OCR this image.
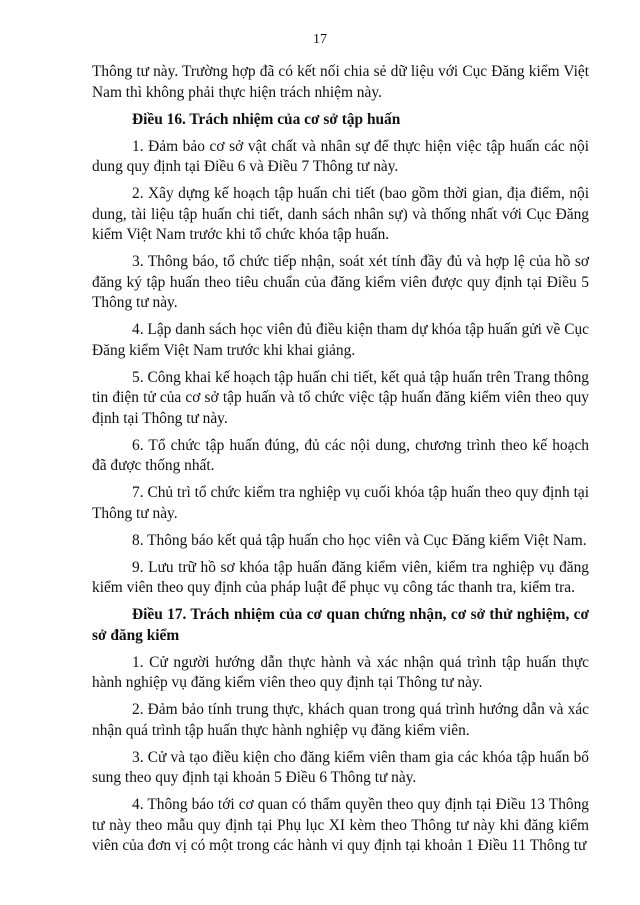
17

Thông tư này. Trường hợp đã có kết nối chia sẻ dữ liệu với Cục Đăng kiểm Việt Nam thì không phải thực hiện trách nhiệm này.

Điều 16. Trách nhiệm của cơ sở tập huấn

1. Đảm bảo cơ sở vật chất và nhân sự để thực hiện việc tập huấn các nội dung quy định tại Điều 6 và Điều 7 Thông tư này.

2. Xây dựng kế hoạch tập huấn chi tiết (bao gồm thời gian, địa điểm, nội dung, tài liệu tập huấn chi tiết, danh sách nhân sự) và thống nhất với Cục Đăng kiểm Việt Nam trước khi tổ chức khóa tập huấn.

3. Thông báo, tổ chức tiếp nhận, soát xét tính đầy đủ và hợp lệ của hồ sơ đăng ký tập huấn theo tiêu chuẩn của đăng kiểm viên được quy định tại Điều 5 Thông tư này.

4. Lập danh sách học viên đủ điều kiện tham dự khóa tập huấn gửi về Cục Đăng kiểm Việt Nam trước khi khai giảng.

5. Công khai kế hoạch tập huấn chi tiết, kết quả tập huấn trên Trang thông tin điện tử của cơ sở tập huấn và tổ chức việc tập huấn đăng kiểm viên theo quy định tại Thông tư này.

6. Tổ chức tập huấn đúng, đủ các nội dung, chương trình theo kế hoạch đã được thống nhất.

7. Chủ trì tổ chức kiểm tra nghiệp vụ cuối khóa tập huấn theo quy định tại Thông tư này.

8. Thông báo kết quả tập huấn cho học viên và Cục Đăng kiểm Việt Nam.

9. Lưu trữ hồ sơ khóa tập huấn đăng kiểm viên, kiểm tra nghiệp vụ đăng kiểm viên theo quy định của pháp luật để phục vụ công tác thanh tra, kiểm tra.

Điều 17. Trách nhiệm của cơ quan chứng nhận, cơ sở thử nghiệm, cơ sở đăng kiểm

1. Cử người hướng dẫn thực hành và xác nhận quá trình tập huấn thực hành nghiệp vụ đăng kiểm viên theo quy định tại Thông tư này.

2. Đảm bảo tính trung thực, khách quan trong quá trình hướng dẫn và xác nhận quá trình tập huấn thực hành nghiệp vụ đăng kiểm viên.

3. Cử và tạo điều kiện cho đăng kiểm viên tham gia các khóa tập huấn bổ sung theo quy định tại khoản 5 Điều 6 Thông tư này.

4. Thông báo tới cơ quan có thẩm quyền theo quy định tại Điều 13 Thông tư này theo mẫu quy định tại Phụ lục XI kèm theo Thông tư này khi đăng kiểm viên của đơn vị có một trong các hành vi quy định tại khoản 1 Điều 11 Thông tư
